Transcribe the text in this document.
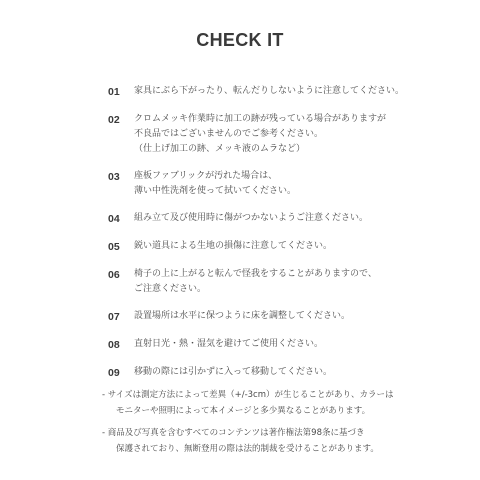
CHECK IT
01	家具にぶら下がったり、転んだりしないように注意してください。
02	クロムメッキ作業時に加工の跡が残っている場合がありますが
不良品ではございませんのでご参考ください。
（仕上げ加工の跡、メッキ液のムラなど）
03	座板ファブリックが汚れた場合は、
薄い中性洗剤を使って拭いてください。
04	組み立て及び使用時に傷がつかないようご注意ください。
05	鋭い道具による生地の損傷に注意してください。
06	椅子の上に上がると転んで怪我をすることがありますので、
ご注意ください。
07	設置場所は水平に保つように床を調整してください。
08	直射日光・熱・湿気を避けてご使用ください。
09	移動の際には引かずに入って移動してください。
- サイズは測定方法によって差異（+/-3cm）が生じることがあり、カラーは
モニターや照明によって本イメージと多少異なることがあります。
- 商品及び写真を含むすべてのコンテンツは著作権法第98条に基づき
保護されており、無断登用の際は法的制裁を受けることがあります。
